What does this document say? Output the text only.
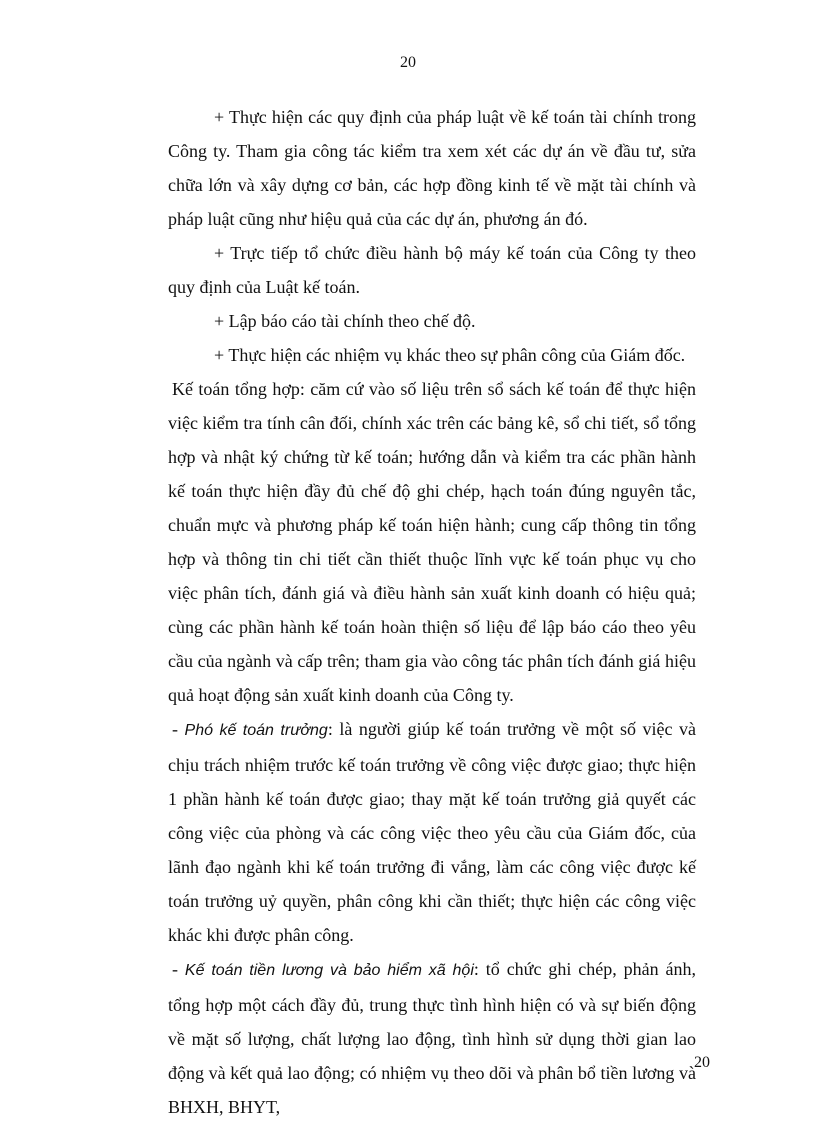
20

+ Thực hiện các quy định của pháp luật về kế toán tài chính trong Công ty. Tham gia công tác kiểm tra xem xét các dự án về đầu tư, sửa chữa lớn và xây dựng cơ bản, các hợp đồng kinh tế về mặt tài chính và pháp luật cũng như hiệu quả của các dự án, phương án đó.

+ Trực tiếp tổ chức điều hành bộ máy kế toán của Công ty theo quy định của Luật kế toán.

+ Lập báo cáo tài chính theo chế độ.

+ Thực hiện các nhiệm vụ khác theo sự phân công của Giám đốc.

Kế toán tổng hợp: căm cứ vào số liệu trên sổ sách kế toán để thực hiện việc kiểm tra tính cân đối, chính xác trên các bảng kê, sổ chi tiết, sổ tổng hợp và nhật ký chứng từ kế toán; hướng dẫn và kiểm tra các phần hành kế toán thực hiện đầy đủ chế độ ghi chép, hạch toán đúng nguyên tắc, chuẩn mực và phương pháp kế toán hiện hành; cung cấp thông tin tổng hợp và thông tin chi tiết cần thiết thuộc lĩnh vực kế toán phục vụ cho việc phân tích, đánh giá và điều hành sản xuất kinh doanh có hiệu quả; cùng các phần hành kế toán hoàn thiện số liệu để lập báo cáo theo yêu cầu của ngành và cấp trên; tham gia vào công tác phân tích đánh giá hiệu quả hoạt động sản xuất kinh doanh của Công ty.

- Phó kế toán trưởng: là người giúp kế toán trưởng về một số việc và chịu trách nhiệm trước kế toán trưởng về công việc được giao; thực hiện 1 phần hành kế toán được giao; thay mặt kế toán trưởng giả quyết các công việc của phòng và các công việc theo yêu cầu của Giám đốc, của lãnh đạo ngành khi kế toán trưởng đi vắng, làm các công việc được kế toán trưởng uỷ quyền, phân công khi cần thiết; thực hiện các công việc khác khi được phân công.

- Kế toán tiền lương và bảo hiểm xã hội: tổ chức ghi chép, phản ánh, tổng hợp một cách đầy đủ, trung thực tình hình hiện có và sự biến động về mặt số lượng, chất lượng lao động, tình hình sử dụng thời gian lao động và kết quả lao động; có nhiệm vụ theo dõi và phân bổ tiền lương và BHXH, BHYT,

20
